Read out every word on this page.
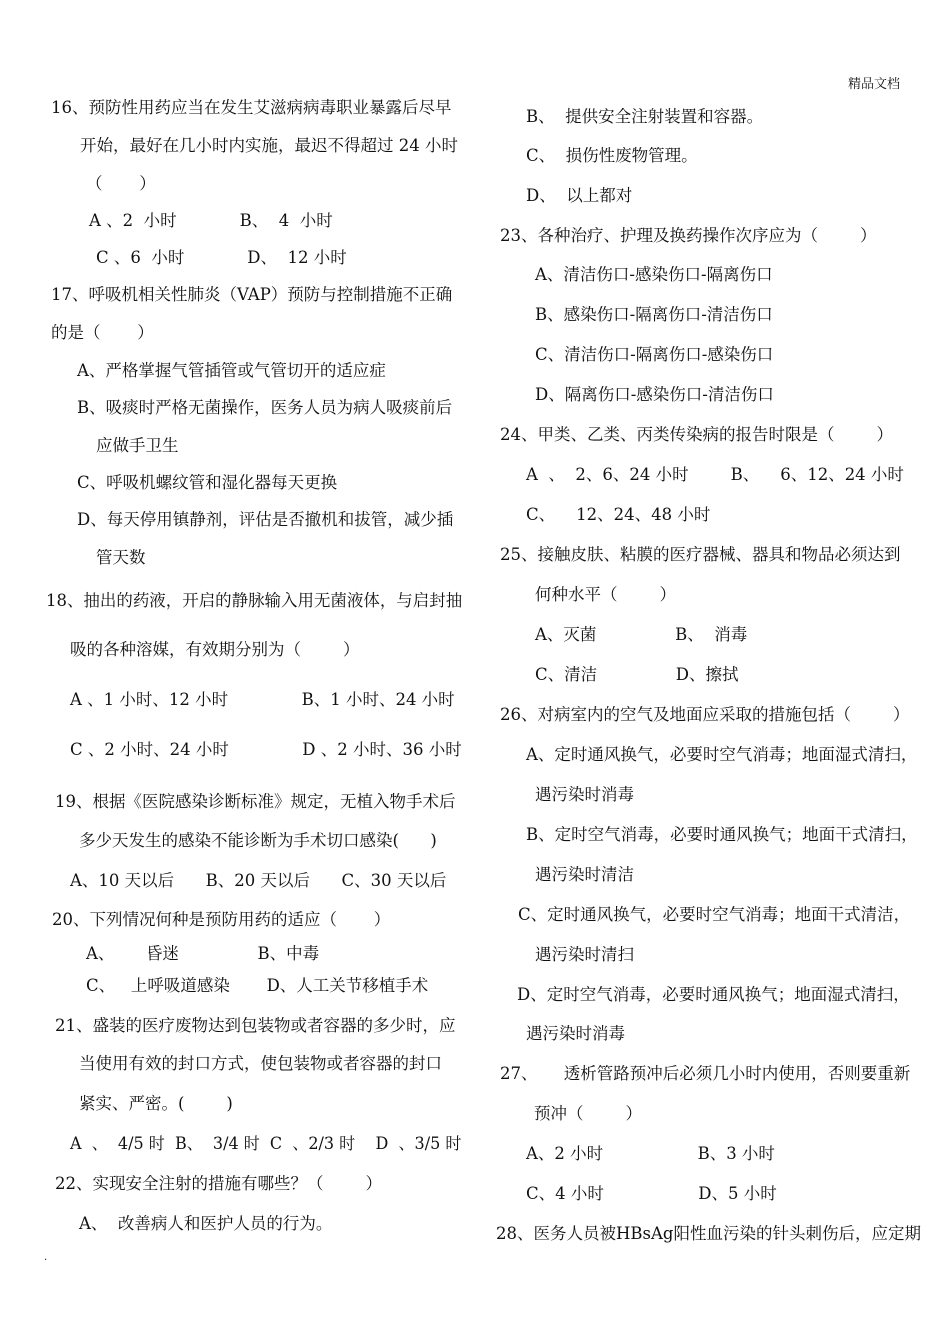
精品文档
16、预防性用药应当在发生艾滋病病毒职业暴露后尽早
开始，最好在几小时内实施，最迟不得超过 24 小时
（       ）
A 、2  小时            B、  4  小时
C 、6  小时            D、  12 小时
17、呼吸机相关性肺炎（VAP）预防与控制措施不正确
的是（       ）
A、严格掌握气管插管或气管切开的适应症
B、吸痰时严格无菌操作，医务人员为病人吸痰前后
应做手卫生
C、呼吸机螺纹管和湿化器每天更换
D、每天停用镇静剂，评估是否撤机和拔管，减少插
管天数
18、抽出的药液，开启的静脉输入用无菌液体，与启封抽
吸的各种溶媒，有效期分别为（        ）
A 、1 小时、12 小时              B、1 小时、24 小时
C 、2 小时、24 小时              D 、2 小时、36 小时
19、根据《医院感染诊断标准》规定，无植入物手术后
多少天发生的感染不能诊断为手术切口感染(      )
A、10 天以后      B、20 天以后      C、30 天以后
20、下列情况何种是预防用药的适应（       ）
A、      昏迷               B、中毒
C、   上呼吸道感染       D、人工关节移植手术
21、盛装的医疗废物达到包装物或者容器的多少时，应
当使用有效的封口方式，使包装物或者容器的封口
紧实、严密。(        )
A  、  4/5 时  B、  3/4 时  C  、2/3 时    D  、3/5 时
22、实现安全注射的措施有哪些？（        ）
A、  改善病人和医护人员的行为。
B、  提供安全注射装置和容器。
C、  损伤性废物管理。
D、  以上都对
23、各种治疗、护理及换药操作次序应为（        ）
A、清洁伤口-感染伤口-隔离伤口
B、感染伤口-隔离伤口-清洁伤口
C、清洁伤口-隔离伤口-感染伤口
D、隔离伤口-感染伤口-清洁伤口
24、甲类、乙类、丙类传染病的报告时限是（        ）
A  、  2、6、24 小时        B、    6、12、24 小时
C、    12、24、48 小时
25、接触皮肤、粘膜的医疗器械、器具和物品必须达到
何种水平（        ）
A、灭菌               B、  消毒
C、清洁               D、擦拭
26、对病室内的空气及地面应采取的措施包括（        ）
A、定时通风换气，必要时空气消毒；地面湿式清扫，
遇污染时消毒
B、定时空气消毒，必要时通风换气；地面干式清扫，
遇污染时清洁
C、定时通风换气，必要时空气消毒；地面干式清洁，
遇污染时清扫
D、定时空气消毒，必要时通风换气；地面湿式清扫，
遇污染时消毒
27、     透析管路预冲后必须几小时内使用，否则要重新
预冲（        ）
A、2 小时                  B、3 小时
C、4 小时                  D、5 小时
28、医务人员被HBsAg阳性血污染的针头刺伤后，应定期
.
